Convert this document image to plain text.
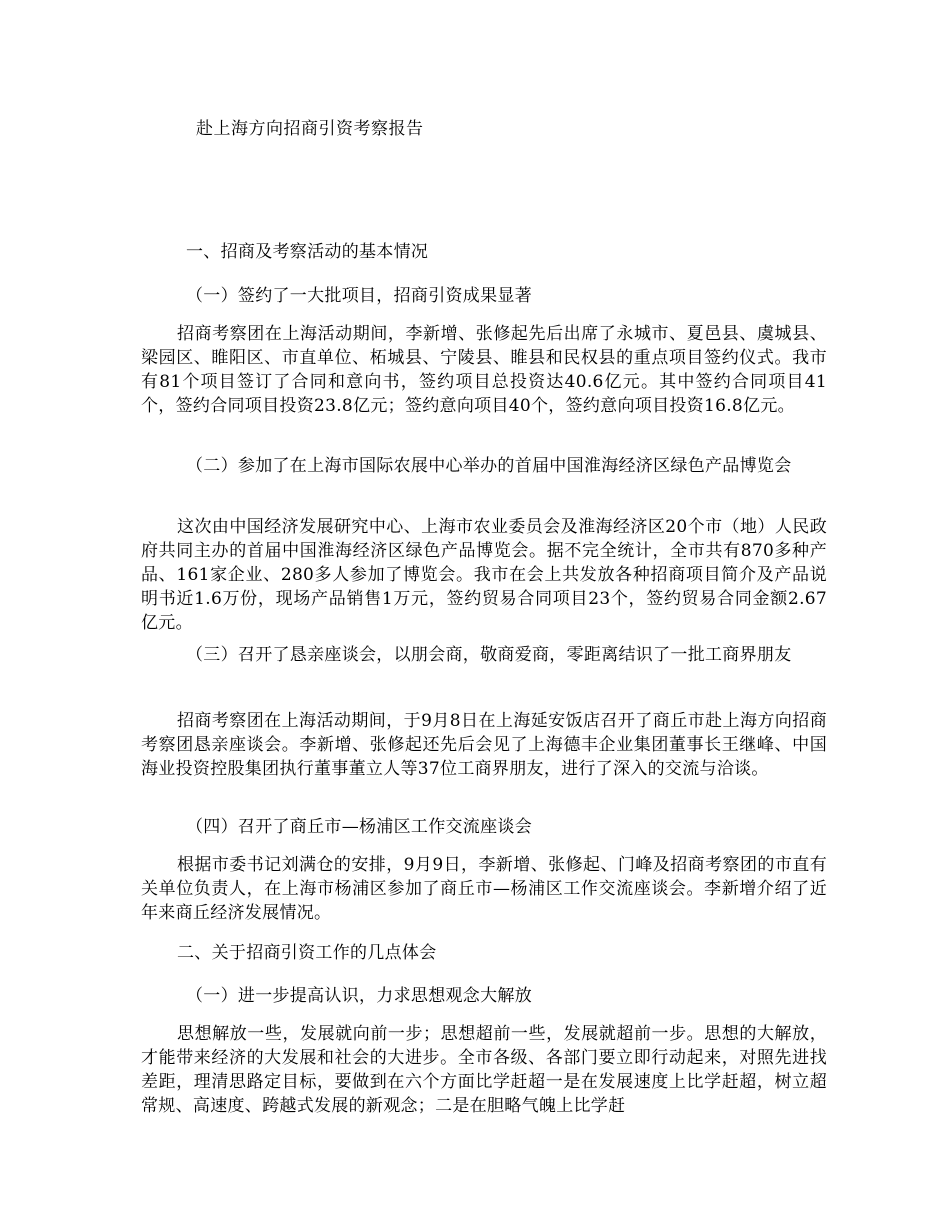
赴上海方向招商引资考察报告

一、招商及考察活动的基本情况

（一）签约了一大批项目，招商引资成果显著

招商考察团在上海活动期间，李新增、张修起先后出席了永城市、夏邑县、虞城县、梁园区、睢阳区、市直单位、柘城县、宁陵县、睢县和民权县的重点项目签约仪式。我市有81个项目签订了合同和意向书，签约项目总投资达40.6亿元。其中签约合同项目41个，签约合同项目投资23.8亿元；签约意向项目40个，签约意向项目投资16.8亿元。

（二）参加了在上海市国际农展中心举办的首届中国淮海经济区绿色产品博览会

这次由中国经济发展研究中心、上海市农业委员会及淮海经济区20个市（地）人民政府共同主办的首届中国淮海经济区绿色产品博览会。据不完全统计，全市共有870多种产品、161家企业、280多人参加了博览会。我市在会上共发放各种招商项目简介及产品说明书近1.6万份，现场产品销售1万元，签约贸易合同项目23个，签约贸易合同金额2.67亿元。

（三）召开了恳亲座谈会，以朋会商，敬商爱商，零距离结识了一批工商界朋友

招商考察团在上海活动期间，于9月8日在上海延安饭店召开了商丘市赴上海方向招商考察团恳亲座谈会。李新增、张修起还先后会见了上海德丰企业集团董事长王继峰、中国海业投资控股集团执行董事董立人等37位工商界朋友，进行了深入的交流与洽谈。

（四）召开了商丘市—杨浦区工作交流座谈会

根据市委书记刘满仓的安排，9月9日，李新增、张修起、门峰及招商考察团的市直有关单位负责人，在上海市杨浦区参加了商丘市—杨浦区工作交流座谈会。李新增介绍了近年来商丘经济发展情况。

二、关于招商引资工作的几点体会

（一）进一步提高认识，力求思想观念大解放

思想解放一些，发展就向前一步；思想超前一些，发展就超前一步。思想的大解放，才能带来经济的大发展和社会的大进步。全市各级、各部门要立即行动起来，对照先进找差距，理清思路定目标，要做到在六个方面比学赶超一是在发展速度上比学赶超，树立超常规、高速度、跨越式发展的新观念；二是在胆略气魄上比学赶
